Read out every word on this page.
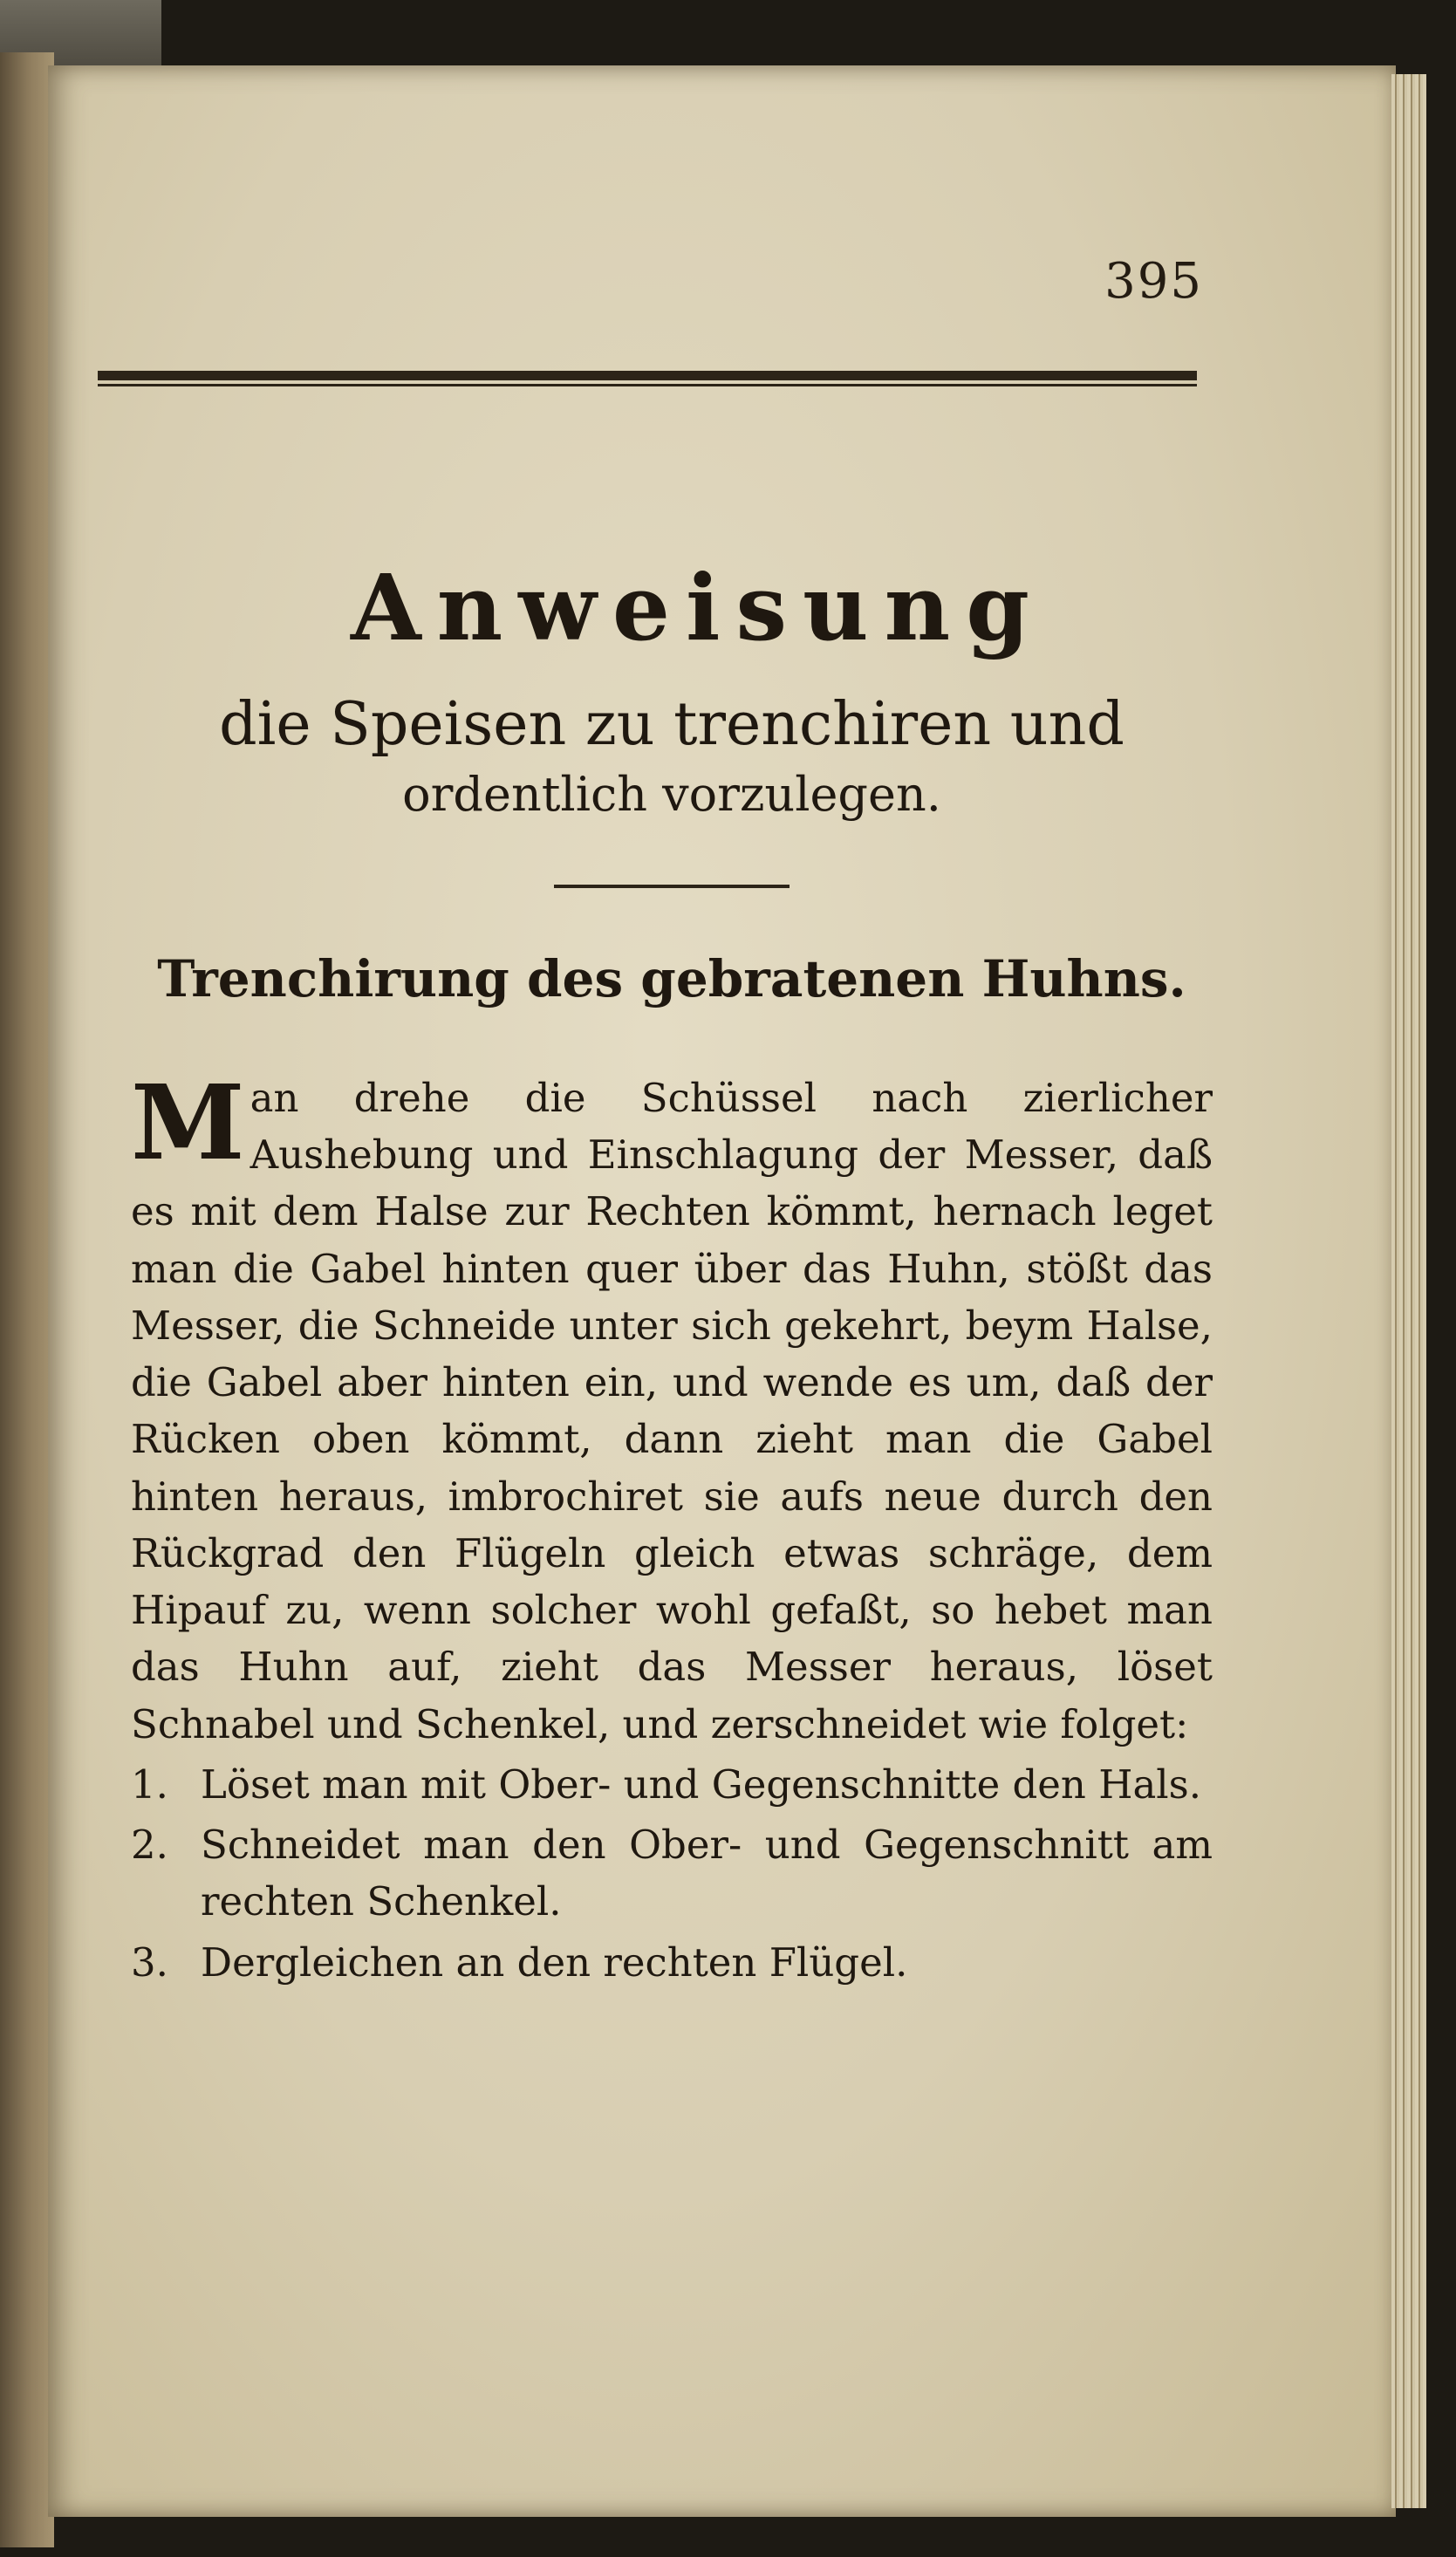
395
Anweisung

die Speisen zu trenchiren und

ordentlich vorzulegen.

Trenchirung des gebratenen Huhns.

Man drehe die Schüssel nach zierlicher Aushebung und Einschlagung der Messer, daß es mit dem Halse zur Rechten kömmt, hernach leget man die Gabel hinten quer über das Huhn, stößt das Messer, die Schneide unter sich gekehrt, beym Halse, die Gabel aber hinten ein, und wende es um, daß der Rücken oben kömmt, dann zieht man die Gabel hinten heraus, imbrochiret sie aufs neue durch den Rückgrad den Flügeln gleich etwas schräge, dem Hipauf zu, wenn solcher wohl gefaßt, so hebet man das Huhn auf, zieht das Messer heraus, löset Schnabel und Schenkel, und zerschneidet wie folget:

1. Löset man mit Ober- und Gegenschnitte den Hals.
2. Schneidet man den Ober- und Gegenschnitt am rechten Schenkel.
3. Dergleichen an den rechten Flügel.
